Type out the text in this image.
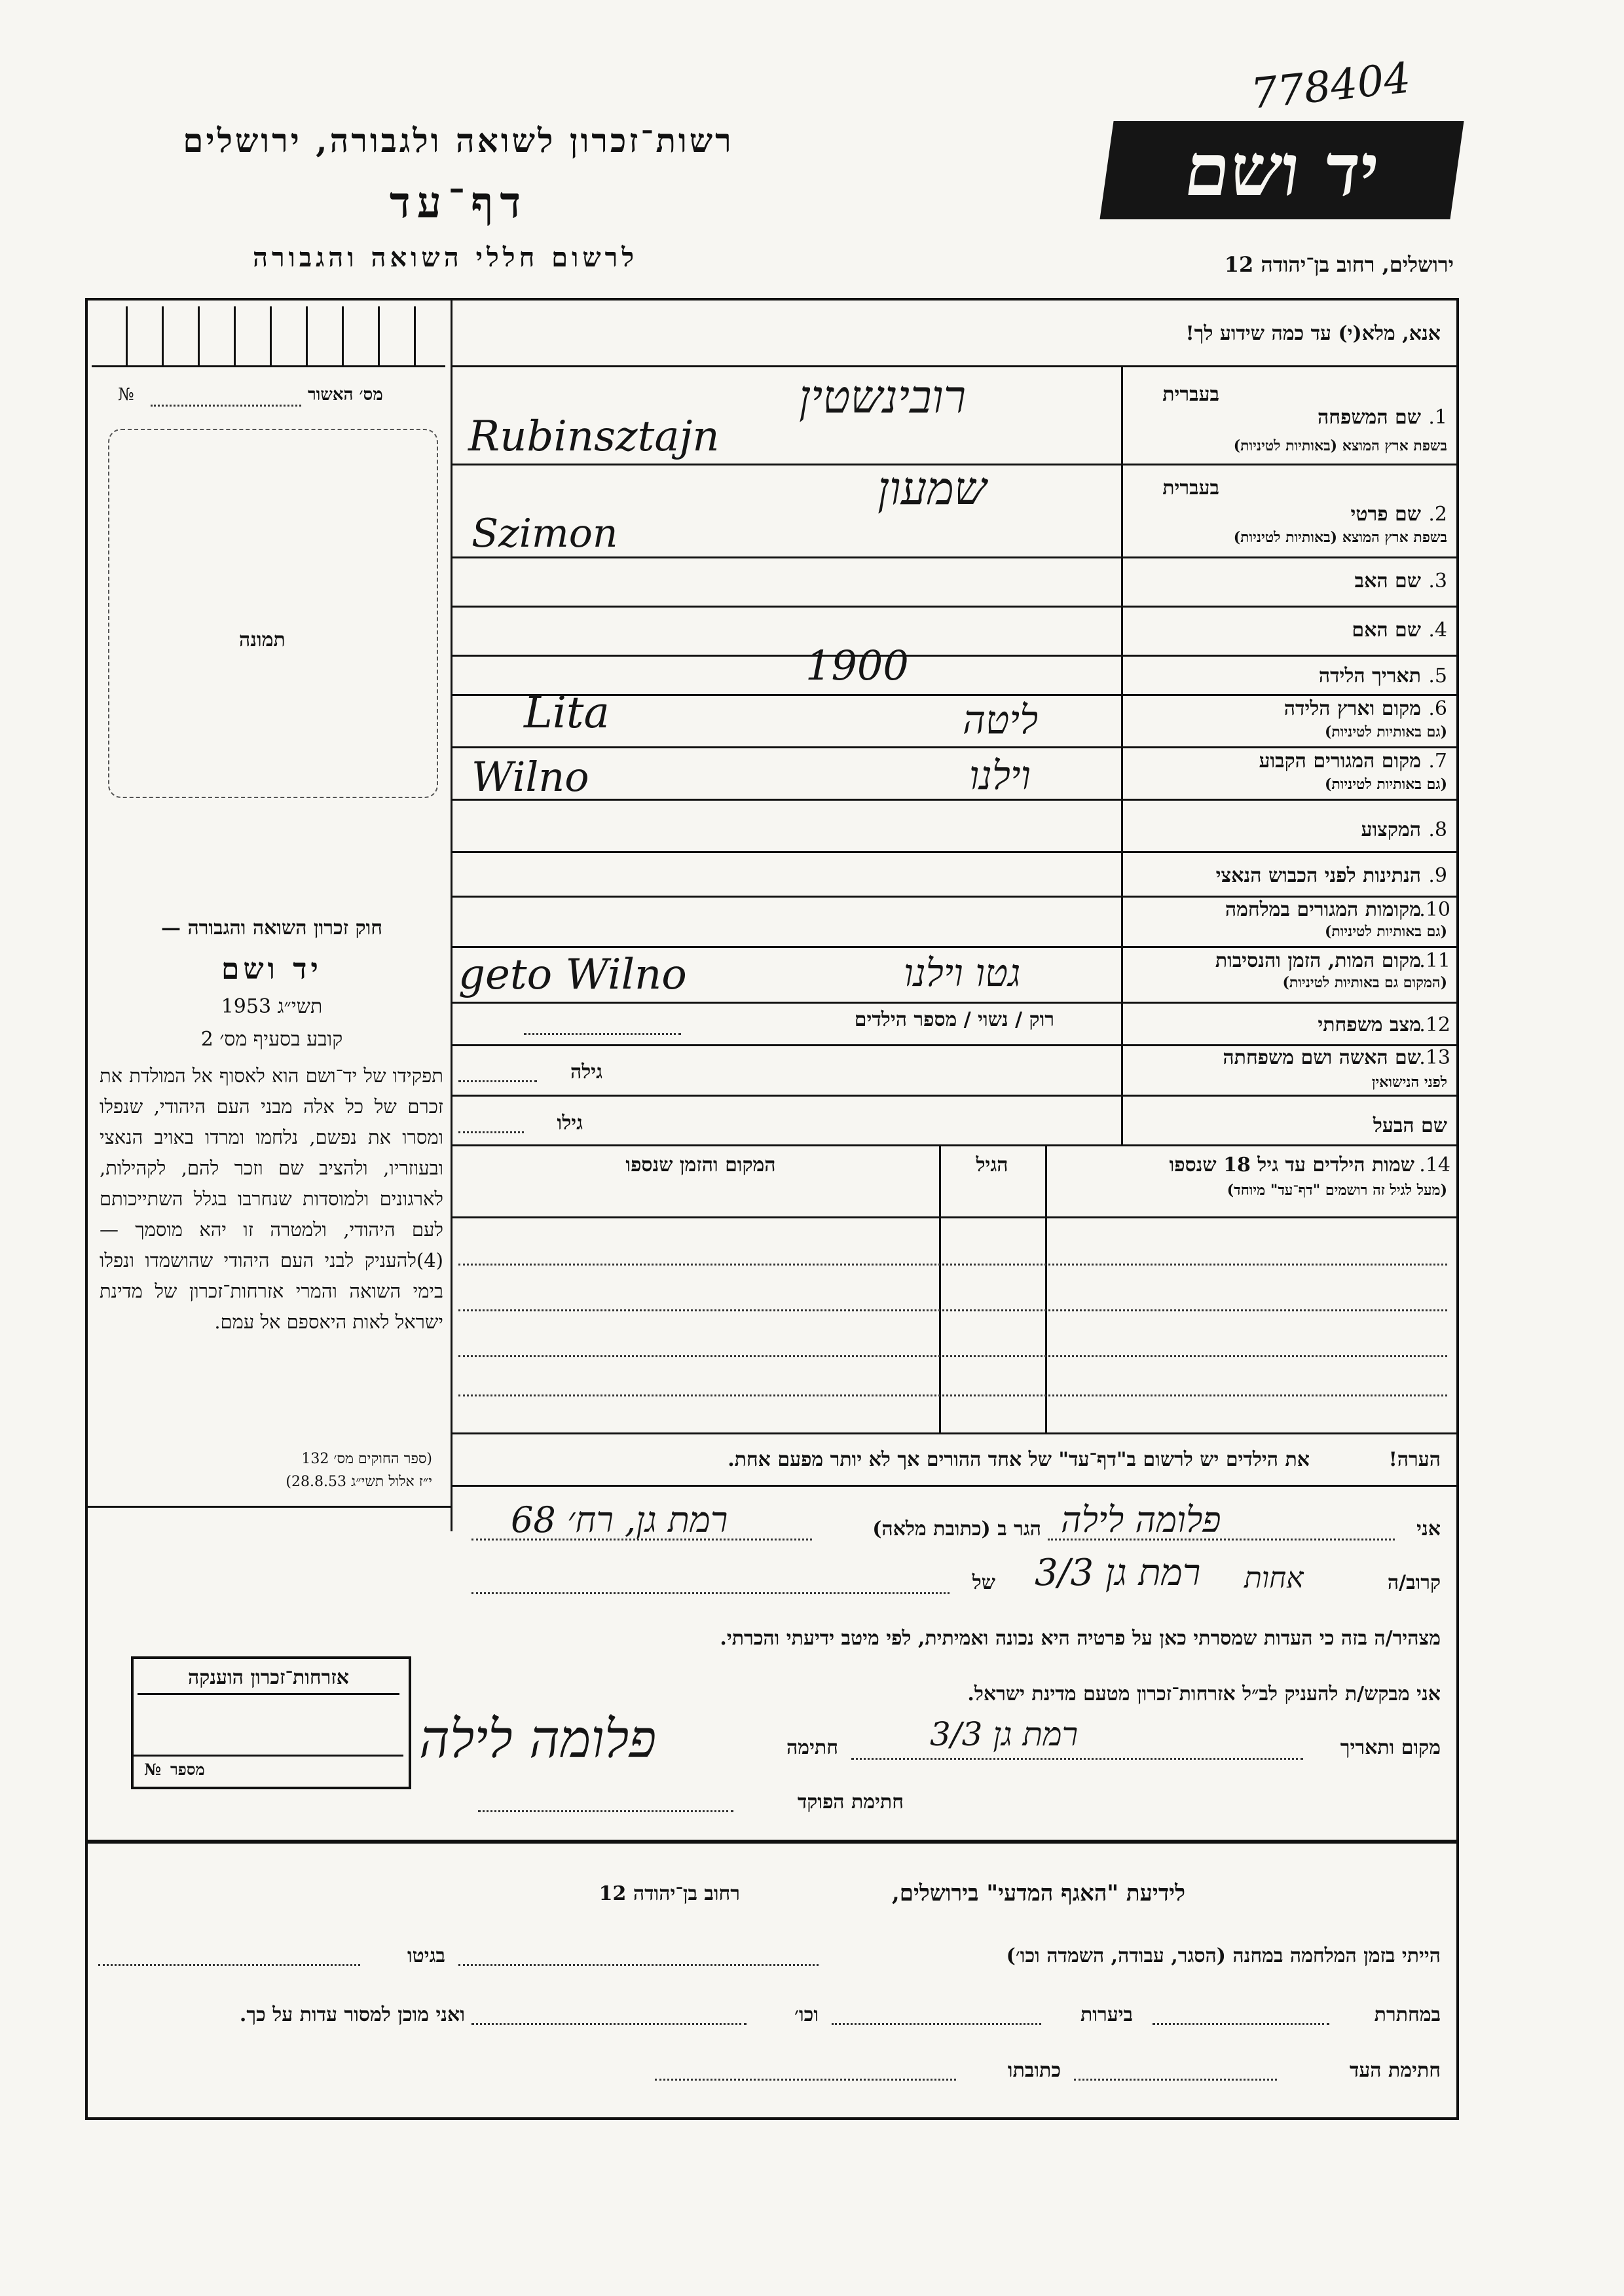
778404
רשות־זכרון לשואה ולגבורה, ירושלים
דף־עד
לרשום חללי השואה והגבורה
יד ושם
ירושלים, רחוב בן־יהודה 12
מס׳ האשור
№
תמונה
חוק זכרון השואה והגבורה —
יד ושם
תשי״ג 1953
קובע בסעיף מס׳ 2
תפקידו של יד־ושם הוא לאסוף אל המולדת את זכרם של כל אלה מבני העם היהודי, שנפלו ומסרו את נפשם, נלחמו ומרדו באויב הנאצי ובעוזריו, ולהציב שם וזכר להם, לקהילות, לארגונים ולמוסדות שנחרבו בגלל השתייכותם לעם היהודי, ולמטרה זו יהא מוסמך — (4)להעניק לבני העם היהודי שהושמדו ונפלו בימי השואה והמרי אזרחות־זכרון של מדינת ישראל לאות היאספם אל עמם.
(ספר החוקים מס׳ 132
י״ז אלול תשי״ג 28.8.53)
אנא, מלא(י) עד כמה שידוע לך!
בעברית
שם המשפחה 1.
בשפת ארץ המוצא (באותיות לטיניות)
רובינשטין
Rubinsztajn
בעברית
שם פרטי 2.
בשפת ארץ המוצא (באותיות לטיניות)
שמעון
Szimon
שם האב 3.
שם האם 4.
תאריך הלידה 5.
1900
מקום וארץ הלידה 6.
(גם באותיות לטיניות)
ליטה
Lita
מקום המגורים הקבוע 7.
(גם באותיות לטיניות)
וילנו
Wilno
המקצוע 8.
הנתינות לפני הכבוש הנאצי 9.
מקומות המגורים במלחמה
10.
(גם באותיות לטיניות)
מקום המות, הזמן והנסיבות
11.
(המקום גם באותיות לטיניות)
גטו וילנו
geto Wilno
מצב משפחתי
12.
רוק / נשוי / מספר הילדים
שם האשה ושם משפחתה
13.
לפני הנישואין
גילה
שם הבעל
גילו
שמות הילדים עד גיל 18 שנספו 14.
(מעל לגיל זה רושמים "דף־עד" מיוחד)
הגיל
המקום והזמן שנספו
הערה!
את הילדים יש לרשום ב"דף־עד" של אחד ההורים אך לא יותר מפעם אחת.
אני
פלומה לילה
הגר ב (כתובת מלאה)
רמת גן, רח׳ 68
קרוב/ה
אחות
של רמת גן 3/3
מצהיר/ה בזה כי העדות שמסרתי כאן על פרטיה היא נכונה ואמיתית, לפי מיטב ידיעתי והכרתי.
אני מבקש/ת להעניק לב״ל אזרחות־זכרון מטעם מדינת ישראל.
מקום ותאריך
רמת גן 3/3
חתימה
פלומה לילה
חתימת הפוקד
אזרחות־זכרון הוענקה
מספר
№
לידיעת "האגף המדעי" בירושלים,
רחוב בן־יהודה 12
הייתי בזמן המלחמה במחנה (הסגר, עבודה, השמדה וכו׳)
בגיטו
במחתרת
ביערות
וכו׳
ואני מוכן למסור עדות על כך.
חתימת העד
כתובתו
